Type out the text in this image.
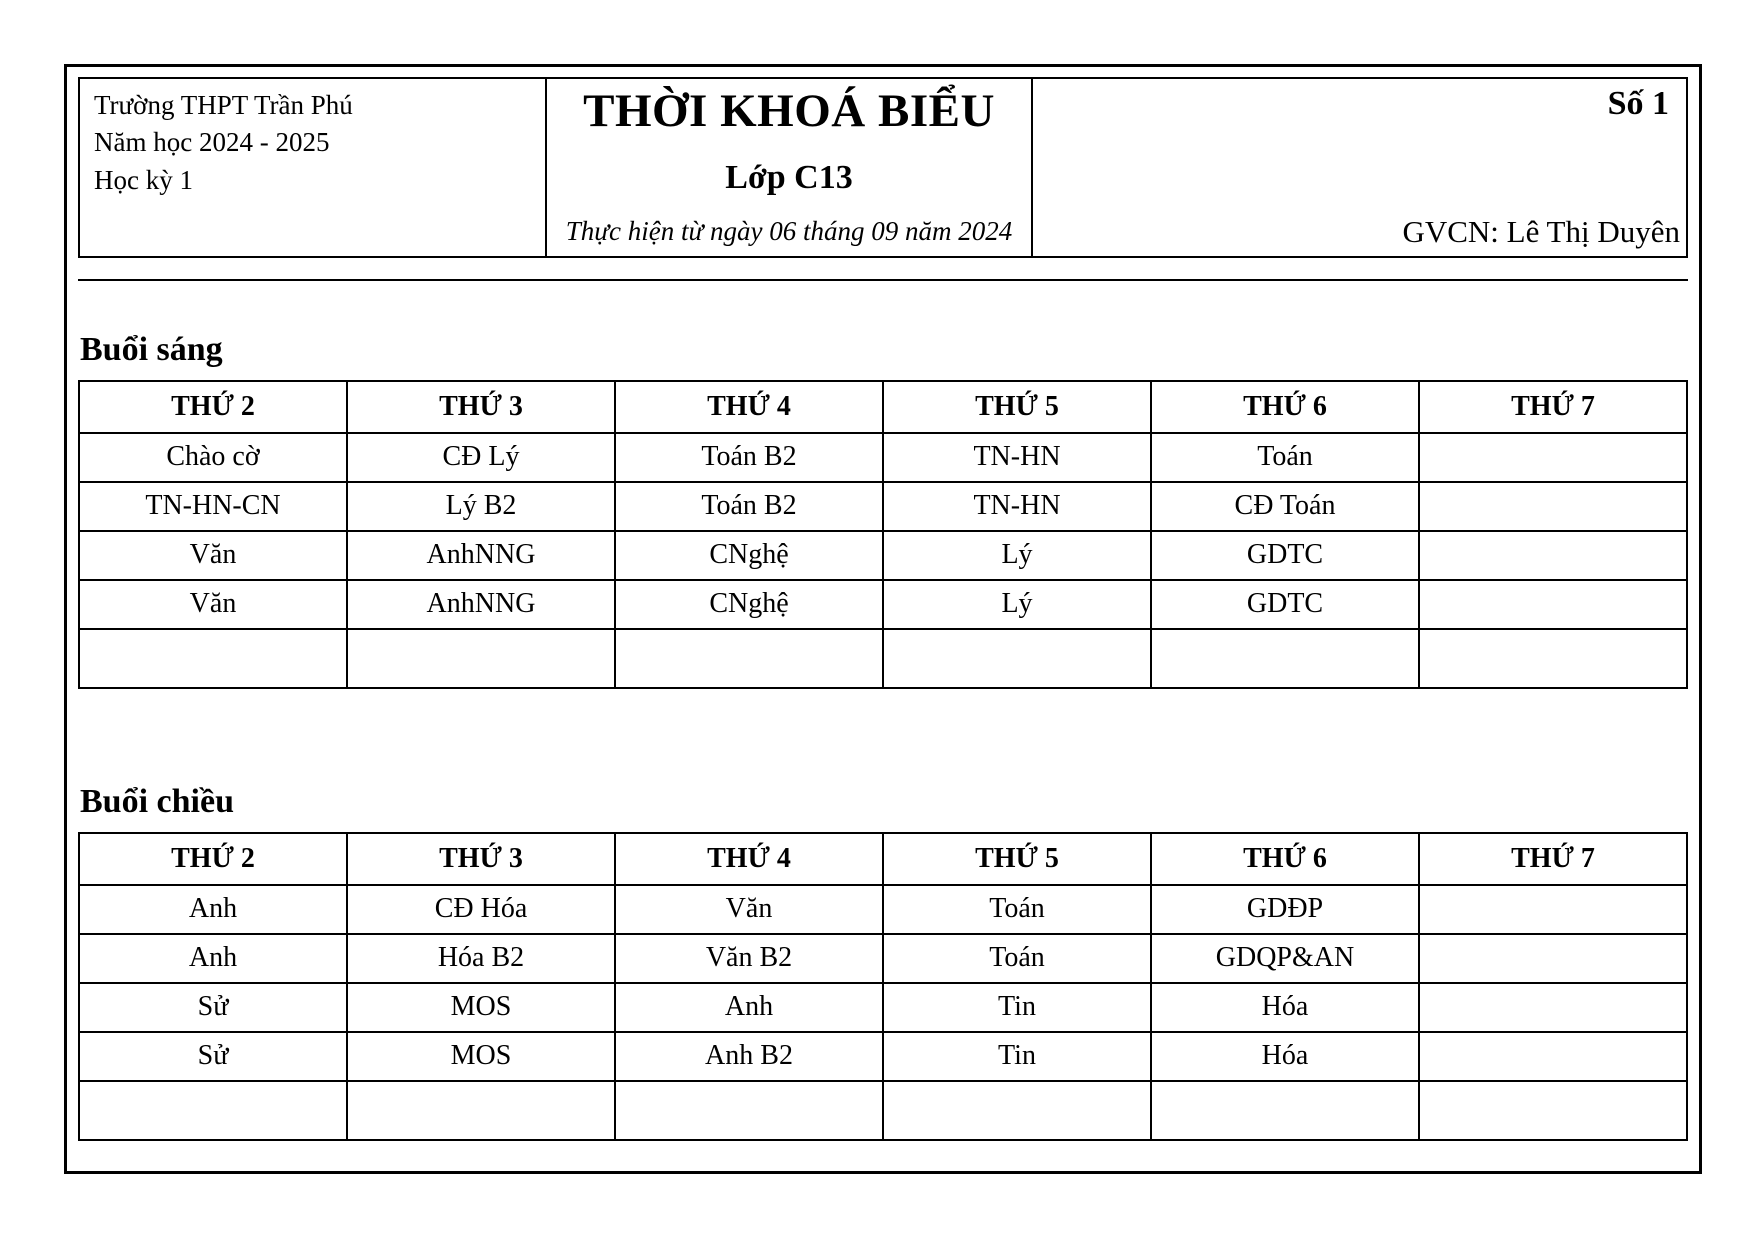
Trường THPT Trần Phú
Năm học 2024 - 2025
Học kỳ 1
THỜI KHOÁ BIỂU
Lớp C13
Thực hiện từ ngày 06 tháng 09 năm 2024
Số 1
GVCN: Lê Thị Duyên
Buổi sáng
THỨ 2	THỨ 3	THỨ 4	THỨ 5	THỨ 6	THỨ 7
Chào cờ	CĐ Lý	Toán B2	TN-HN	Toán	
TN-HN-CN	Lý B2	Toán B2	TN-HN	CĐ Toán	
Văn	AnhNNG	CNghệ	Lý	GDTC	
Văn	AnhNNG	CNghệ	Lý	GDTC	

Buổi chiều
THỨ 2	THỨ 3	THỨ 4	THỨ 5	THỨ 6	THỨ 7
Anh	CĐ Hóa	Văn	Toán	GDĐP	
Anh	Hóa B2	Văn B2	Toán	GDQP&AN	
Sử	MOS	Anh	Tin	Hóa	
Sử	MOS	Anh B2	Tin	Hóa	
